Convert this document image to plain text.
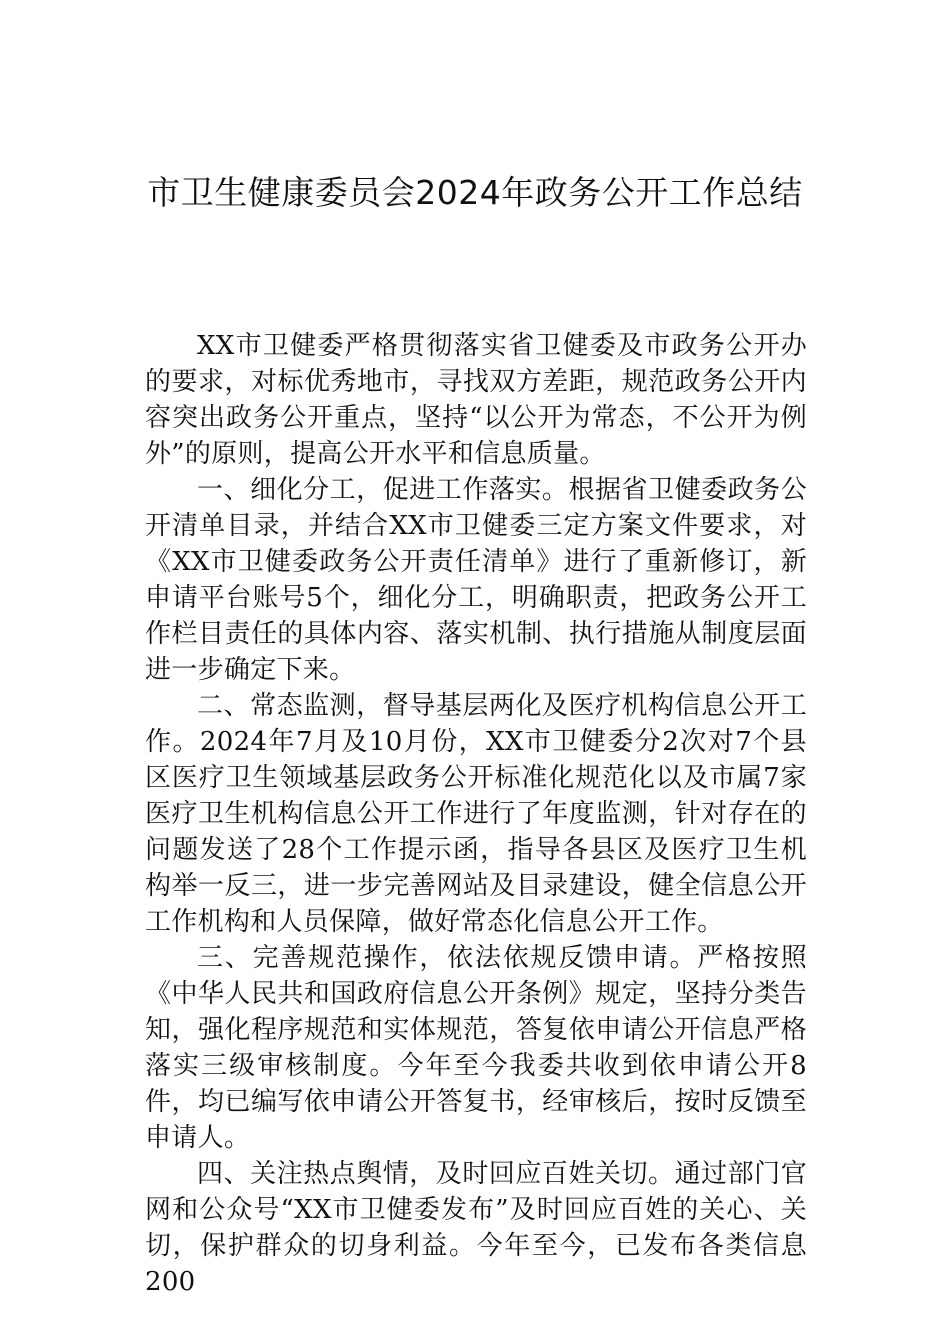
市卫生健康委员会2024年政务公开工作总结

XX市卫健委严格贯彻落实省卫健委及市政务公开办的要求，对标优秀地市，寻找双方差距，规范政务公开内容突出政务公开重点，坚持“以公开为常态，不公开为例外”的原则，提高公开水平和信息质量。

一、细化分工，促进工作落实。根据省卫健委政务公开清单目录，并结合XX市卫健委三定方案文件要求，对《XX市卫健委政务公开责任清单》进行了重新修订，新申请平台账号5个，细化分工，明确职责，把政务公开工作栏目责任的具体内容、落实机制、执行措施从制度层面进一步确定下来。

二、常态监测，督导基层两化及医疗机构信息公开工作。2024年7月及10月份，XX市卫健委分2次对7个县区医疗卫生领域基层政务公开标准化规范化以及市属7家医疗卫生机构信息公开工作进行了年度监测，针对存在的问题发送了28个工作提示函，指导各县区及医疗卫生机构举一反三，进一步完善网站及目录建设，健全信息公开工作机构和人员保障，做好常态化信息公开工作。

三、完善规范操作，依法依规反馈申请。严格按照《中华人民共和国政府信息公开条例》规定，坚持分类告知，强化程序规范和实体规范，答复依申请公开信息严格落实三级审核制度。今年至今我委共收到依申请公开8件，均已编写依申请公开答复书，经审核后，按时反馈至申请人。

四、关注热点舆情，及时回应百姓关切。通过部门官网和公众号“XX市卫健委发布”及时回应百姓的关心、关切，保护群众的切身利益。今年至今，已发布各类信息200
